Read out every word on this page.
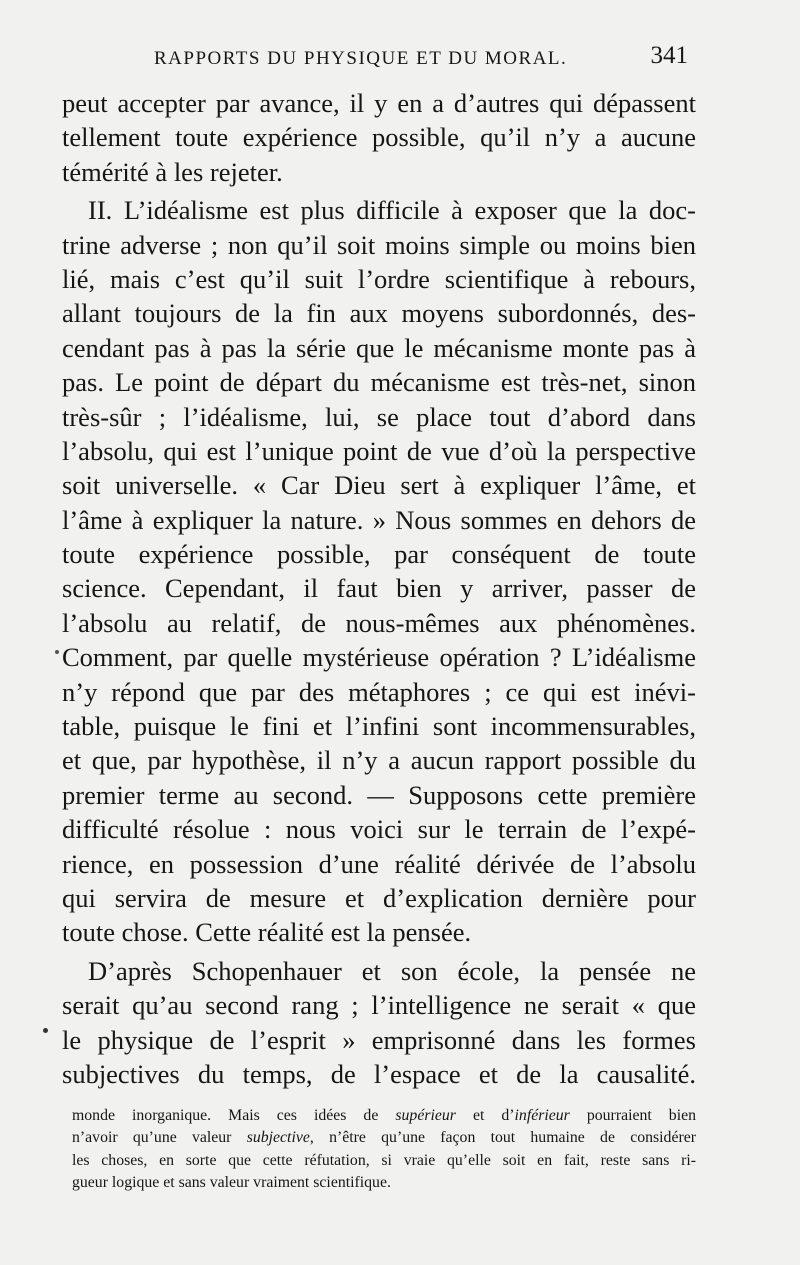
RAPPORTS DU PHYSIQUE ET DU MORAL.	341
peut accepter par avance, il y en a d’autres qui dépassent
tellement toute expérience possible, qu’il n’y a aucune
témérité à les rejeter.
II. L’idéalisme est plus difficile à exposer que la doc-
trine adverse ; non qu’il soit moins simple ou moins bien
lié, mais c’est qu’il suit l’ordre scientifique à rebours,
allant toujours de la fin aux moyens subordonnés, des-
cendant pas à pas la série que le mécanisme monte pas à
pas. Le point de départ du mécanisme est très-net, sinon
très-sûr ; l’idéalisme, lui, se place tout d’abord dans
l’absolu, qui est l’unique point de vue d’où la perspective
soit universelle. « Car Dieu sert à expliquer l’âme, et
l’âme à expliquer la nature. » Nous sommes en dehors de
toute expérience possible, par conséquent de toute
science. Cependant, il faut bien y arriver, passer de
l’absolu au relatif, de nous-mêmes aux phénomènes.
Comment, par quelle mystérieuse opération ? L’idéalisme
n’y répond que par des métaphores ; ce qui est inévi-
table, puisque le fini et l’infini sont incommensurables,
et que, par hypothèse, il n’y a aucun rapport possible du
premier terme au second. — Supposons cette première
difficulté résolue : nous voici sur le terrain de l’expé-
rience, en possession d’une réalité dérivée de l’absolu
qui servira de mesure et d’explication dernière pour
toute chose. Cette réalité est la pensée.
D’après Schopenhauer et son école, la pensée ne
serait qu’au second rang ; l’intelligence ne serait « que
le physique de l’esprit » emprisonné dans les formes
subjectives du temps, de l’espace et de la causalité.
monde inorganique. Mais ces idées de supérieur et d’inférieur pourraient bien
n’avoir qu’une valeur subjective, n’être qu’une façon tout humaine de considérer
les choses, en sorte que cette réfutation, si vraie qu’elle soit en fait, reste sans ri-
gueur logique et sans valeur vraiment scientifique.
